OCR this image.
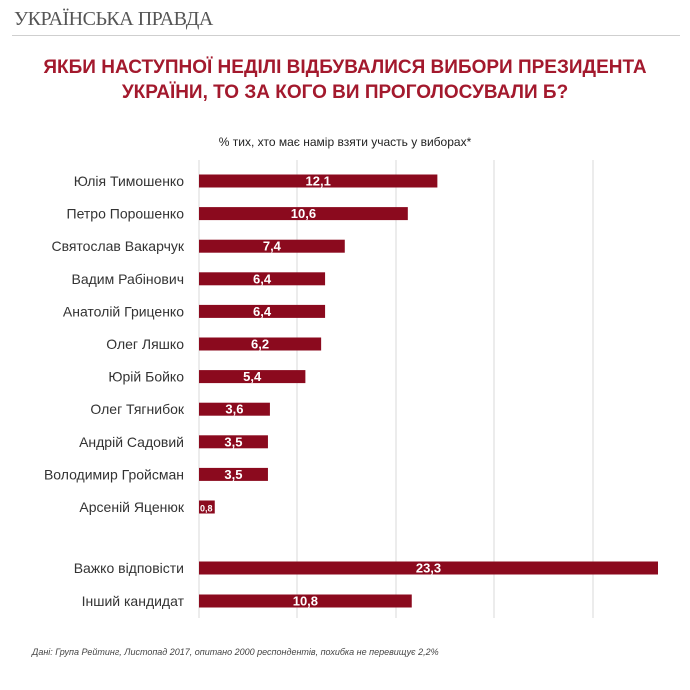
УКРАЇНСЬКА ПРАВДА
ЯКБИ НАСТУПНОЇ НЕДІЛІ ВІДБУВАЛИСЯ ВИБОРИ ПРЕЗИДЕНТА
УКРАЇНИ, ТО ЗА КОГО ВИ ПРОГОЛОСУВАЛИ Б?
% тих, хто має намір взяти участь у виборах*
Юлія Тимошенко	12,1
Петро Порошенко	10,6
Святослав Вакарчук	7,4
Вадим Рабінович	6,4
Анатолій Гриценко	6,4
Олег Ляшко	6,2
Юрій Бойко	5,4
Олег Тягнибок	3,6
Андрій Садовий	3,5
Володимир Гройсман	3,5
Арсеній Яценюк 0,8
Важко відповісти	23,3
Інший кандидат	10,8
Дані: Група Рейтинг, Листопад 2017, опитано 2000 респондентів, похибка не перевищує 2,2%
